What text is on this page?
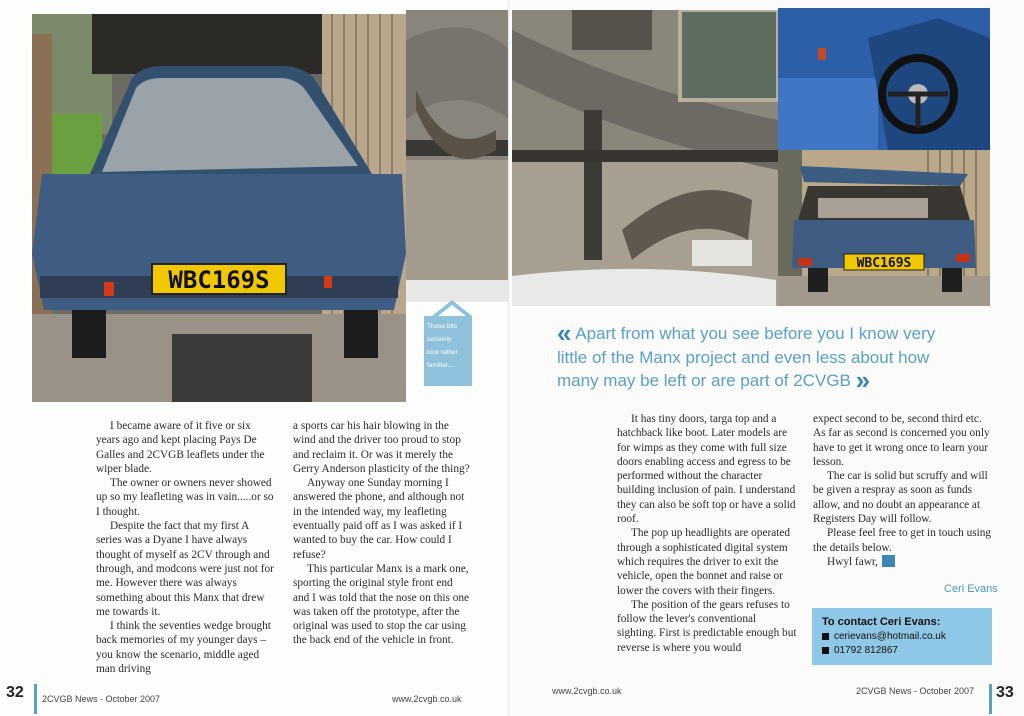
WBC169S
These bits
certainly
look rather
familiar...

I became aware of it five or six years ago and kept placing Pays De Galles and 2CVGB leaflets under the wiper blade.

The owner or owners never showed up so my leafleting was in vain.....or so I thought.

Despite the fact that my first A series was a Dyane I have always thought of myself as 2CV through and through, and modcons were just not for me. However there was always something about this Manx that drew me towards it.

I think the seventies wedge brought back memories of my younger days – you know the scenario, middle aged man driving

a sports car his hair blowing in the wind and the driver too proud to stop and reclaim it. Or was it merely the Gerry Anderson plasticity of the thing?

Anyway one Sunday morning I answered the phone, and although not in the intended way, my leafleting eventually paid off as I was asked if I wanted to buy the car. How could I refuse?

This particular Manx is a mark one, sporting the original style front end and I was told that the nose on this one was taken off the prototype, after the original was used to stop the car using the back end of the vehicle in front.

32 2CVGB News - October 2007	www.2cvgb.co.uk
WBC169S
« Apart from what you see before you I know very little of the Manx project and even less about how many may be left or are part of 2CVGB »

It has tiny doors, targa top and a hatchback like boot. Later models are for wimps as they come with full size doors enabling access and egress to be performed without the character building inclusion of pain. I understand they can also be soft top or have a solid roof.

The pop up headlights are operated through a sophisticated digital system which requires the driver to exit the vehicle, open the bonnet and raise or lower the covers with their fingers.

The position of the gears refuses to follow the lever's conventional sighting. First is predictable enough but reverse is where you would

expect second to be, second third etc. As far as second is concerned you only have to get it wrong once to learn your lesson.

The car is solid but scruffy and will be given a respray as soon as funds allow, and no doubt an appearance at Registers Day will follow.

Please feel free to get in touch using the details below.

Hwyl fawr,

Ceri Evans
To contact Ceri Evans:
cerievans@hotmail.co.uk
01792 812867
www.2cvgb.co.uk	2CVGB News - October 2007 33
